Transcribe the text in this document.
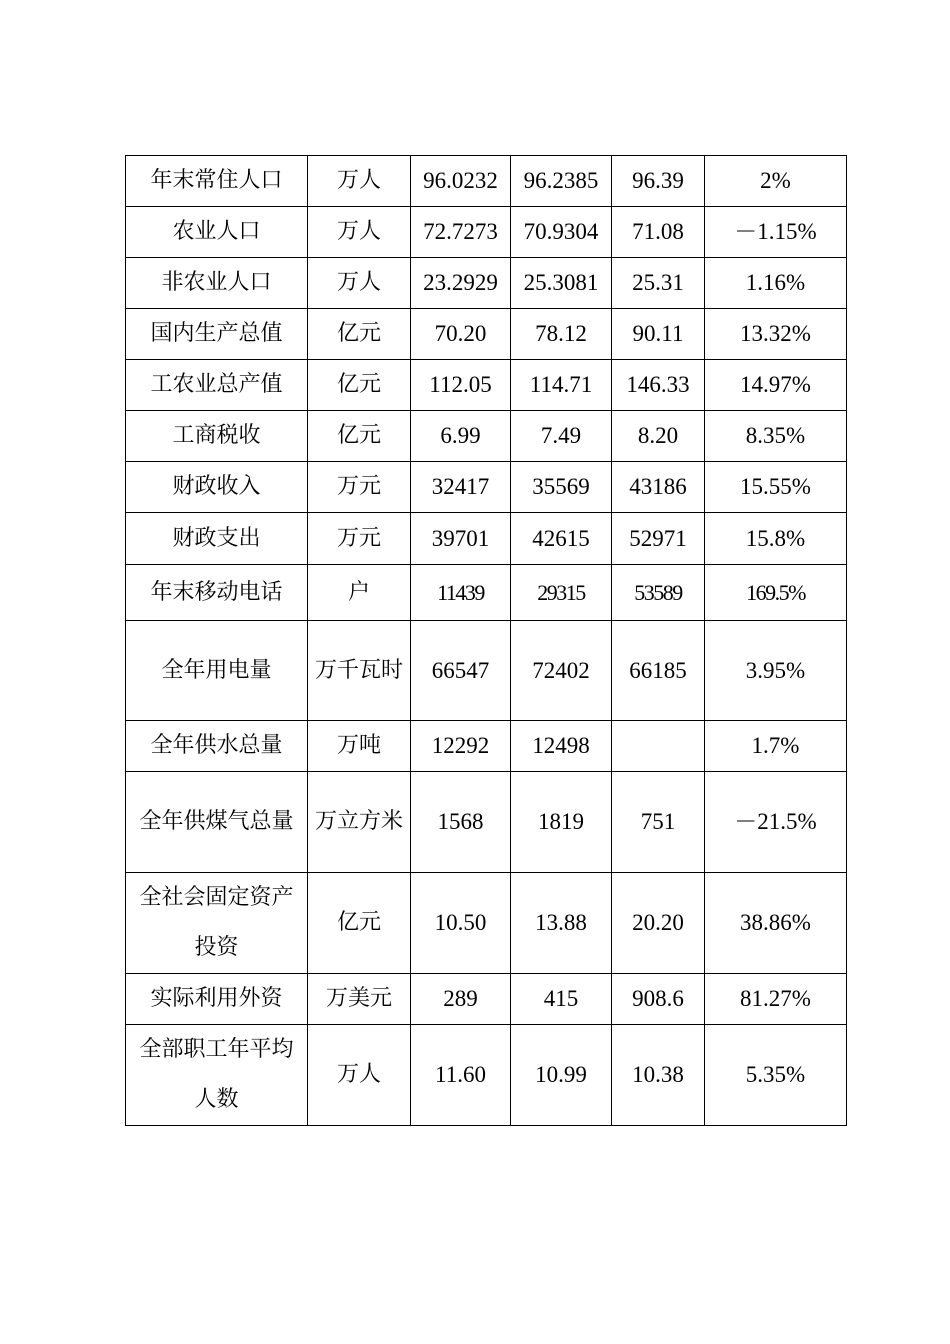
年末常住人口	万人	96.0232	96.2385	96.39	2%
农业人口	万人	72.7273	70.9304	71.08	－1.15%
非农业人口	万人	23.2929	25.3081	25.31	1.16%
国内生产总值	亿元	70.20	78.12	90.11	13.32%
工农业总产值	亿元	112.05	114.71	146.33	14.97%
工商税收	亿元	6.99	7.49	8.20	8.35%
财政收入	万元	32417	35569	43186	15.55%
财政支出	万元	39701	42615	52971	15.8%
年末移动电话	户	11439	29315	53589	169.5%
全年用电量	万千瓦时	66547	72402	66185	3.95%
全年供水总量	万吨	12292	12498		1.7%
全年供煤气总量	万立方米	1568	1819	751	－21.5%
全社会固定资产投资	亿元	10.50	13.88	20.20	38.86%
实际利用外资	万美元	289	415	908.6	81.27%
全部职工年平均人数	万人	11.60	10.99	10.38	5.35%
